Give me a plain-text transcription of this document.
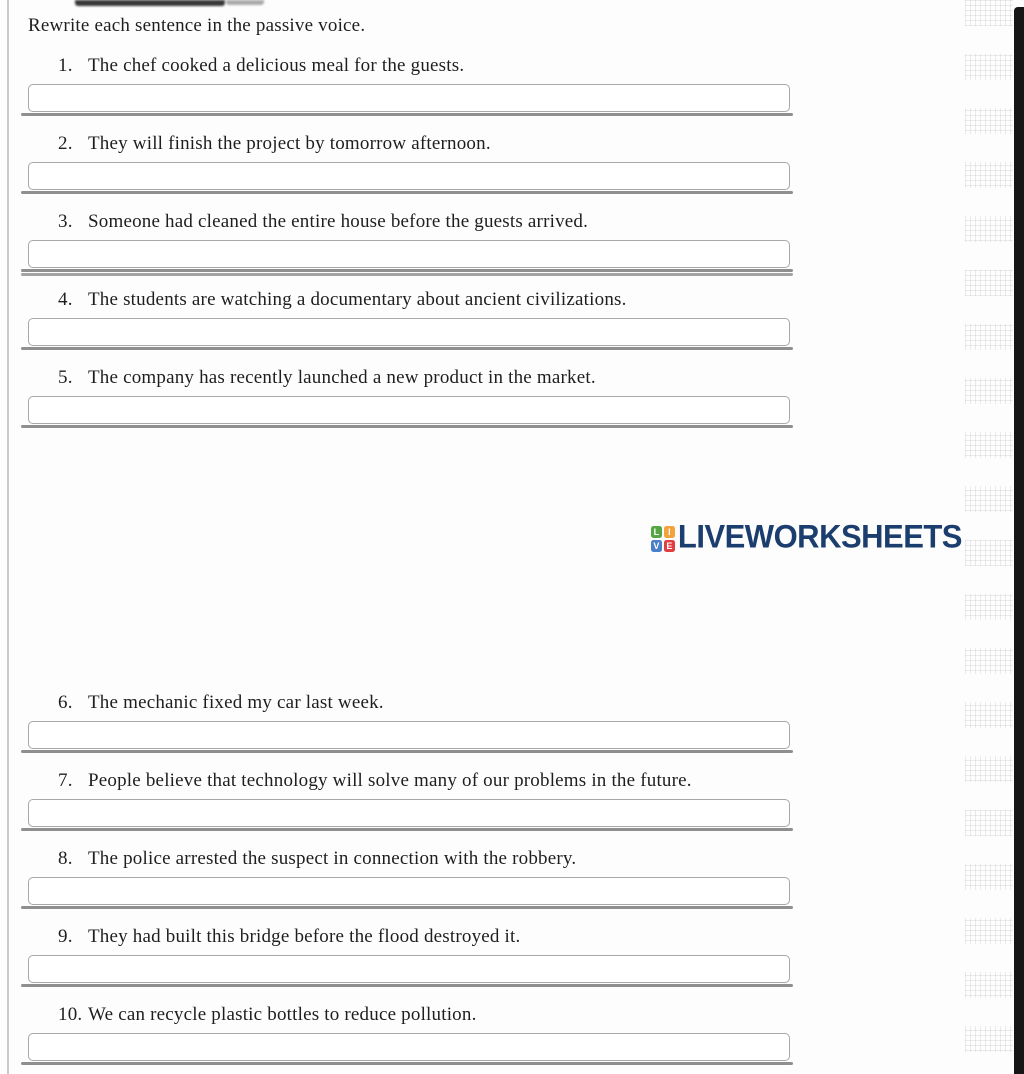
Rewrite each sentence in the passive voice.
1. The chef cooked a delicious meal for the guests.
2. They will finish the project by tomorrow afternoon.
3. Someone had cleaned the entire house before the guests arrived.
4. The students are watching a documentary about ancient civilizations.
5. The company has recently launched a new product in the market.
L I
V E LIVEWORKSHEETS
6. The mechanic fixed my car last week.
7. People believe that technology will solve many of our problems in the future.
8. The police arrested the suspect in connection with the robbery.
9. They had built this bridge before the flood destroyed it.
10. We can recycle plastic bottles to reduce pollution.
